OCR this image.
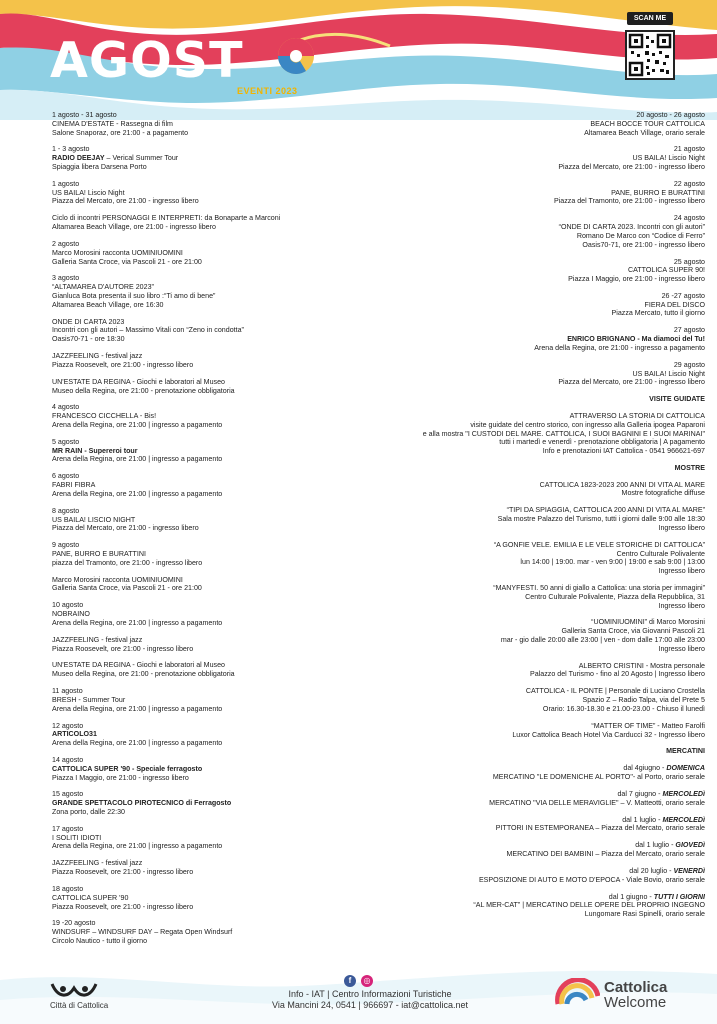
AGOST
EVENTI 2023
SCAN ME
1 agosto - 31 agosto
CINEMA D'ESTATE - Rassegna di film
Salone Snaporaz, ore 21:00 - a pagamento
1 - 3 agosto
RADIO DEEJAY – Verical Summer Tour
Spiaggia libera Darsena Porto
1 agosto
US BAILA! Liscio Night
Piazza del Mercato, ore 21:00 - ingresso libero
Ciclo di incontri PERSONAGGI E INTERPRETI: da Bonaparte a Marconi
Altamarea Beach Village, ore 21:00 - ingresso libero
2 agosto
Marco Morosini racconta UOMINIUOMINI
Galleria Santa Croce, via Pascoli 21 - ore 21:00
3 agosto
“ALTAMAREA D'AUTORE 2023”
Gianluca Bota presenta il suo libro :“Ti amo di bene”
Altamarea Beach Village, ore 16:30
ONDE DI CARTA 2023
Incontri con gli autori – Massimo Vitali con “Zeno in condotta”
Oasis70-71 - ore 18:30
JAZZFEELING - festival jazz
Piazza Roosevelt, ore 21:00 - ingresso libero
UN'ESTATE DA REGINA - Giochi e laboratori al Museo
Museo della Regina, ore 21:00 - prenotazione obbligatoria
4 agosto
FRANCESCO CICCHELLA - Bis!
Arena della Regina, ore 21:00 | ingresso a pagamento
5 agosto
MR RAIN - Supereroi tour
Arena della Regina, ore 21:00 | ingresso a pagamento
6 agosto
FABRI FIBRA
Arena della Regina, ore 21:00 | ingresso a pagamento
8 agosto
US BAILA! LISCIO NIGHT
Piazza del Mercato, ore 21:00 - ingresso libero
9 agosto
PANE, BURRO E BURATTINI
piazza del Tramonto, ore 21:00 - ingresso libero
Marco Morosini racconta UOMINIUOMINI
Galleria Santa Croce, via Pascoli 21 - ore 21:00
10 agosto
NOBRAINO
Arena della Regina, ore 21:00 | ingresso a pagamento
JAZZFEELING - festival jazz
Piazza Roosevelt, ore 21:00 - ingresso libero
UN'ESTATE DA REGINA - Giochi e laboratori al Museo
Museo della Regina, ore 21:00 - prenotazione obbligatoria
11 agosto
BRESH - Summer Tour
Arena della Regina, ore 21:00 | ingresso a pagamento
12 agosto
ARTICOLO31
Arena della Regina, ore 21:00 | ingresso a pagamento
14 agosto
CATTOLICA SUPER '90 - Speciale ferragosto
Piazza I Maggio, ore 21:00 - ingresso libero
15 agosto
GRANDE SPETTACOLO PIROTECNICO di Ferragosto
Zona porto, dalle 22:30
17 agosto
I SOLITI IDIOTI
Arena della Regina, ore 21:00 | ingresso a pagamento
JAZZFEELING - festival jazz
Piazza Roosevelt, ore 21:00 - ingresso libero
18 agosto
CATTOLICA SUPER '90
Piazza Roosevelt, ore 21:00 - ingresso libero
19 -20 agosto
WINDSURF – WINDSURF DAY – Regata Open Windsurf
Circolo Nautico - tutto il giorno
20 agosto - 26 agosto
BEACH BOCCE TOUR CATTOLICA
Altamarea Beach Village, orario serale
21 agosto
US BAILA! Liscio Night
Piazza del Mercato, ore 21:00 - ingresso libero
22 agosto
PANE, BURRO E BURATTINI
Piazza del Tramonto, ore 21:00 - ingresso libero
24 agosto
“ONDE DI CARTA 2023. Incontri con gli autori”
Romano De Marco con “Codice di Ferro”
Oasis70-71, ore 21:00 - ingresso libero
25 agosto
CATTOLICA SUPER 90!
Piazza I Maggio, ore 21:00 - ingresso libero
26 -27 agosto
FIERA DEL DISCO
Piazza Mercato, tutto il giorno
27 agosto
ENRICO BRIGNANO - Ma diamoci del Tu!
Arena della Regina, ore 21:00 - ingresso a pagamento
29 agosto
US BAILA! Liscio Night
Piazza del Mercato, ore 21:00 - ingresso libero
VISITE GUIDATE
ATTRAVERSO LA STORIA DI CATTOLICA
visite guidate del centro storico, con ingresso alla Galleria ipogea Paparoni
e alla mostra "I CUSTODI DEL MARE. CATTOLICA, I SUOI BAGNINI E I SUOI MARINAI"
tutti i martedì e venerdì - prenotazione obbligatoria | A pagamento
Info e prenotazioni IAT Cattolica - 0541 966621-697
MOSTRE
CATTOLICA 1823-2023 200 ANNI DI VITA AL MARE
Mostre fotografiche diffuse
“TIPI DA SPIAGGIA, CATTOLICA 200 ANNI DI VITA AL MARE”
Sala mostre Palazzo del Turismo, tutti i giorni dalle 9:00 alle 18:30
Ingresso libero
“A GONFIE VELE. EMILIA E LE VELE STORICHE DI CATTOLICA”
Centro Culturale Polivalente
lun 14:00 | 19:00. mar - ven 9:00 | 19:00 e sab 9:00 | 13:00
Ingresso libero
“MANYFESTI. 50 anni di giallo a Cattolica: una storia per immagini”
Centro Culturale Polivalente, Piazza della Repubblica, 31
Ingresso libero
“UOMINIUOMINI” di Marco Morosini
Galleria Santa Croce, via Giovanni Pascoli 21
mar - gio dalle 20:00 alle 23:00 | ven - dom dalle 17:00 alle 23:00
Ingresso libero
ALBERTO CRISTINI - Mostra personale
Palazzo del Turismo - fino al 20 Agosto | Ingresso libero
CATTOLICA - IL PONTE | Personale di Luciano Crostella
Spazio Z – Radio Talpa, via del Prete 5
Orario: 16.30-18.30 e 21.00-23.00 - Chiuso il lunedì
“MATTER OF TIME” - Matteo Farolfi
Luxor Cattolica Beach Hotel Via Carducci 32 - Ingresso libero
MERCATINI
dal 4giugno - DOMENICA
MERCATINO "LE DOMENICHE AL PORTO"- al Porto, orario serale
dal 7 giugno - MERCOLEDì
MERCATINO "VIA DELLE MERAVIGLIE" – V. Matteotti, orario serale
dal 1 luglio - MERCOLEDì
PITTORI IN ESTEMPORANEA – Piazza del Mercato, orario serale
dal 1 luglio - GIOVEDì
MERCATINO DEI BAMBINI – Piazza del Mercato, orario serale
dal 20 luglio - VENERDì
ESPOSIZIONE DI AUTO E MOTO D'EPOCA - Viale Bovio, orario serale
dal 1 giugno - TUTTI I GIORNI
“AL MER-CAT” | MERCATINO DELLE OPERE DEL PROPRIO INGEGNO
Lungomare Rasi Spinelli, orario serale
Città di Cattolica
f	◎
Info - IAT | Centro Informazioni Turistiche
Via Mancini 24, 0541 | 966697 - iat@cattolica.net
Cattolica
Welcome
